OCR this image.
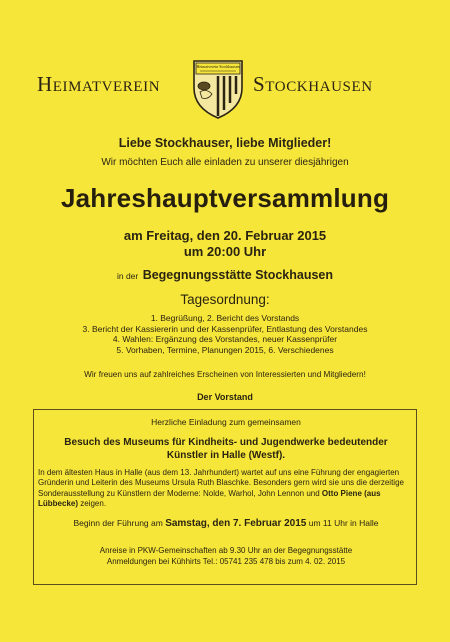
HEIMATVEREIN
Heimatverein Stockhausen
STOCKHAUSEN
Liebe Stockhauser, liebe Mitglieder!
Wir möchten Euch alle einladen zu unserer diesjährigen
Jahreshauptversammlung
am Freitag, den 20. Februar 2015
um 20:00 Uhr
in der Begegnungsstätte Stockhausen
Tagesordnung:
1. Begrüßung, 2. Bericht des Vorstands
3. Bericht der Kassiererin und der Kassenprüfer, Entlastung des Vorstandes
4. Wahlen: Ergänzung des Vorstandes, neuer Kassenprüfer
5. Vorhaben, Termine, Planungen 2015, 6. Verschiedenes
Wir freuen uns auf zahlreiches Erscheinen von Interessierten und Mitgliedern!
Der Vorstand
Herzliche Einladung zum gemeinsamen
Besuch des Museums für Kindheits- und Jugendwerke bedeutender
Künstler in Halle (Westf).
In dem ältesten Haus in Halle (aus dem 13. Jahrhundert) wartet auf uns eine Führung der engagierten Gründerin und Leiterin des Museums Ursula Ruth Blaschke. Besonders gern wird sie uns die derzeitige Sonderausstellung zu Künstlern der Moderne: Nolde, Warhol, John Lennon und Otto Piene (aus Lübbecke) zeigen.
Beginn der Führung am Samstag, den 7. Februar 2015 um 11 Uhr in Halle
Anreise in PKW-Gemeinschaften ab 9.30 Uhr an der Begegnungsstätte
Anmeldungen bei Kühhirts Tel.: 05741 235 478 bis zum 4. 02. 2015
